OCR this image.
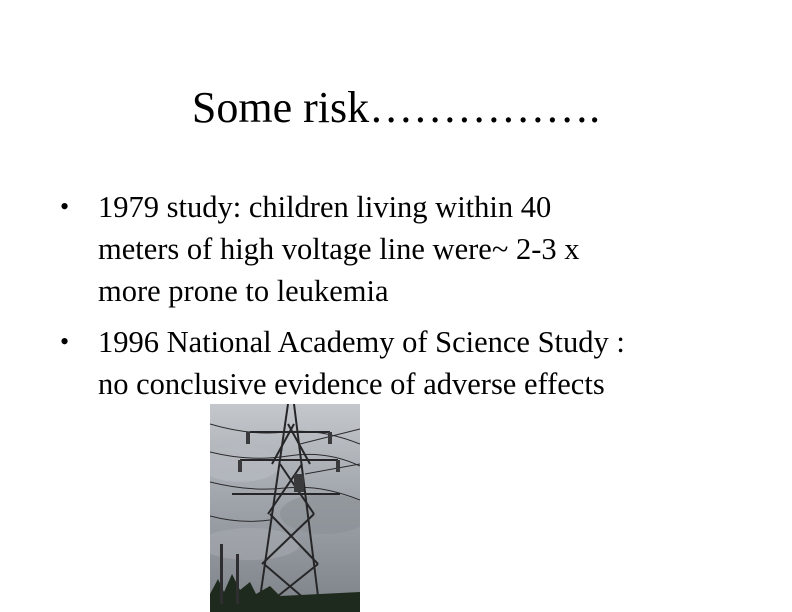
Some risk…………….
• 1979 study: children living within 40
meters of high voltage line were~ 2-3 x
more prone to leukemia
• 1996 National Academy of Science Study :
no conclusive evidence of adverse effects
